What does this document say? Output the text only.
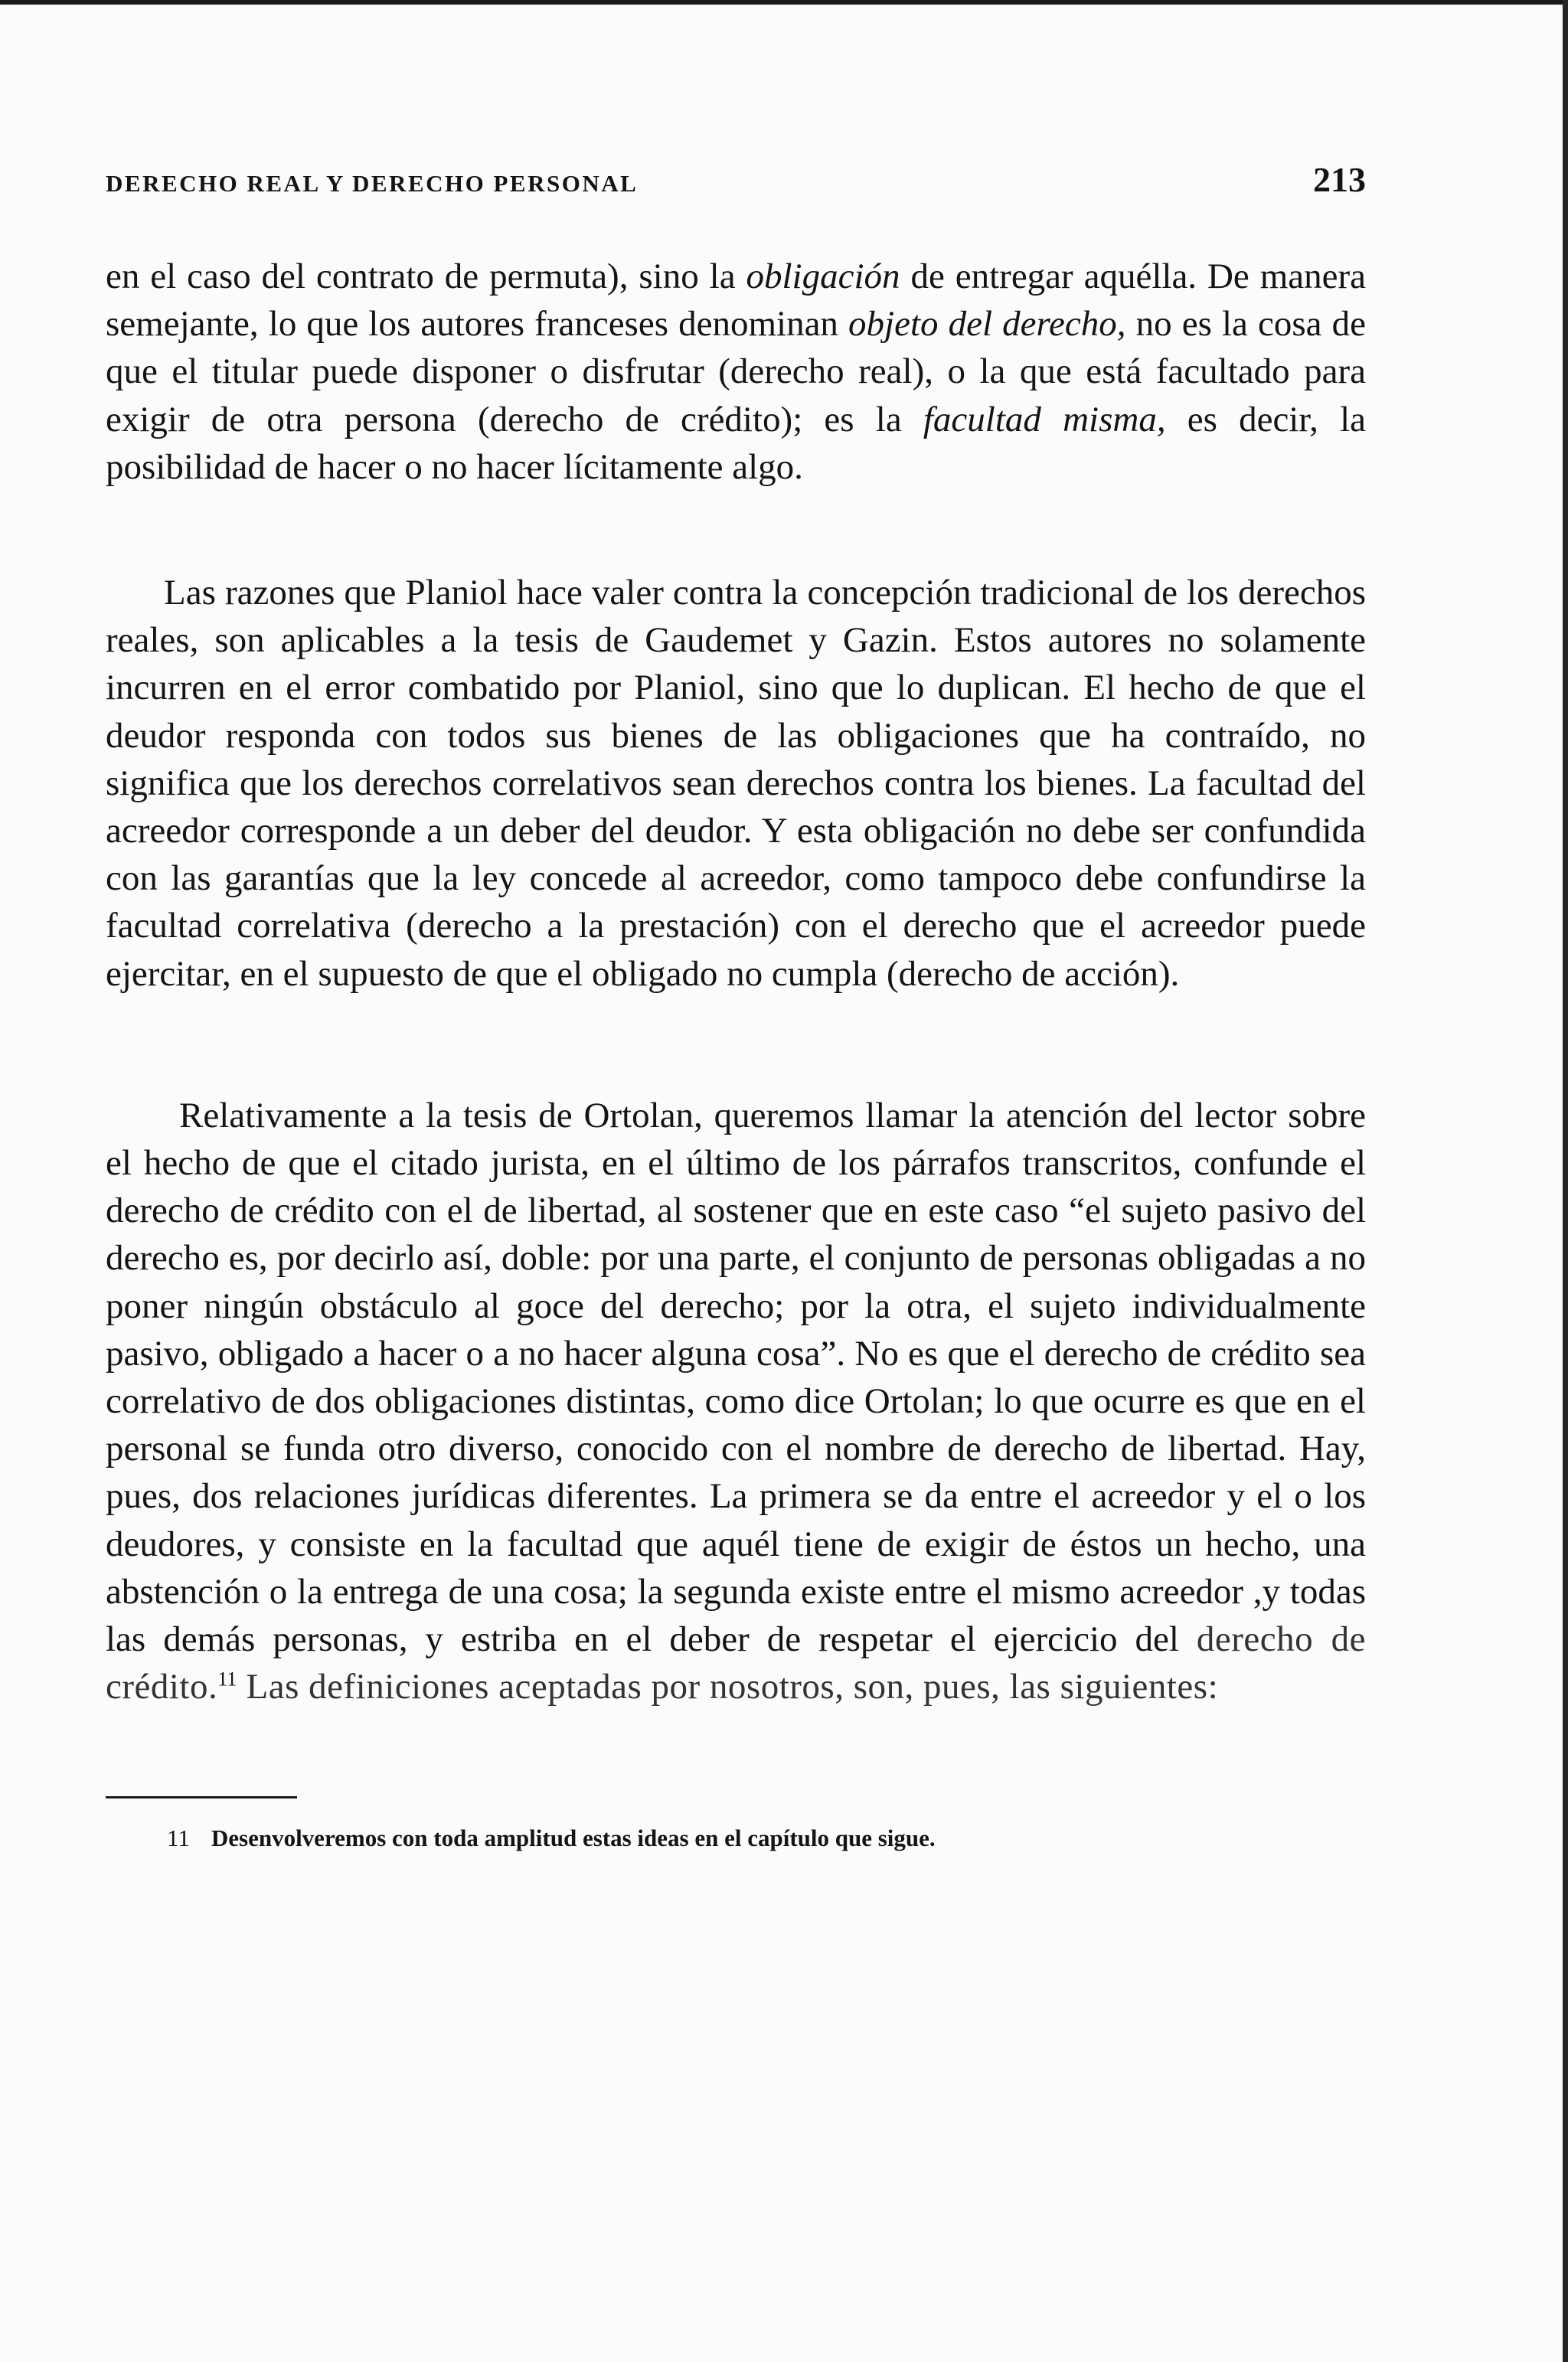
DERECHO REAL Y DERECHO PERSONAL	213

en el caso del contrato de permuta), sino la obligación de entregar aquélla. De manera semejante, lo que los autores franceses denominan objeto del derecho, no es la cosa de que el titular puede disponer o disfrutar (derecho real), o la que está facultado para exigir de otra persona (derecho de crédito); es la facultad misma, es decir, la posibilidad de hacer o no hacer lícitamente algo.

Las razones que Planiol hace valer contra la concepción tradicional de los derechos reales, son aplicables a la tesis de Gaudemet y Gazin. Estos autores no solamente incurren en el error combatido por Planiol, sino que lo duplican. El hecho de que el deudor responda con todos sus bienes de las obligaciones que ha contraído, no significa que los derechos correlativos sean derechos contra los bienes. La facultad del acreedor corresponde a un deber del deudor. Y esta obligación no debe ser confundida con las garantías que la ley concede al acreedor, como tampoco debe confundirse la facultad correlativa (derecho a la prestación) con el derecho que el acreedor puede ejercitar, en el supuesto de que el obligado no cumpla (derecho de acción).

Relativamente a la tesis de Ortolan, queremos llamar la atención del lector sobre el hecho de que el citado jurista, en el último de los párrafos transcritos, confunde el derecho de crédito con el de libertad, al sostener que en este caso “el sujeto pasivo del derecho es, por decirlo así, doble: por una parte, el conjunto de personas obligadas a no poner ningún obstáculo al goce del derecho; por la otra, el sujeto individualmente pasivo, obligado a hacer o a no hacer alguna cosa”. No es que el derecho de crédito sea correlativo de dos obligaciones distintas, como dice Ortolan; lo que ocurre es que en el personal se funda otro diverso, conocido con el nombre de derecho de libertad. Hay, pues, dos relaciones jurídicas diferentes. La primera se da entre el acreedor y el o los deudores, y consiste en la facultad que aquél tiene de exigir de éstos un hecho, una abstención o la entrega de una cosa; la segunda existe entre el mismo acreedor ,y todas las demás personas, y estriba en el deber de respetar el ejercicio del derecho de crédito.$^{11}$ Las definiciones aceptadas por nosotros, son, pues, las siguientes:

11 Desenvolveremos con toda amplitud estas ideas en el capítulo que sigue.
